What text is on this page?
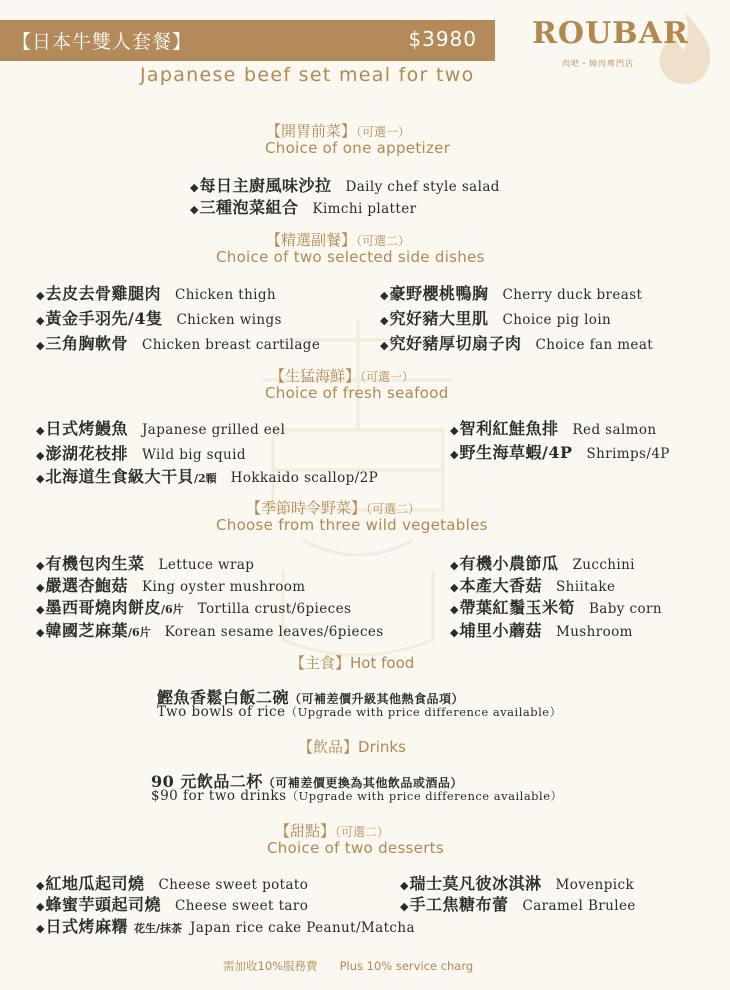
【日本牛雙人套餐】	$3980
Japanese beef set meal for two
ROUBAR
肉吧・燒肉專門店
【開胃前菜】（可選一）
Choice of one appetizer
◆每日主廚風味沙拉 Daily chef style salad
◆三種泡菜組合 Kimchi platter
【精選副餐】（可選二）
Choice of two selected side dishes
◆去皮去骨雞腿肉 Chicken thigh
◆黃金手羽先/4隻 Chicken wings
◆三角胸軟骨 Chicken breast cartilage
◆豪野櫻桃鴨胸 Cherry duck breast
◆究好豬大里肌 Choice pig loin
◆究好豬厚切扇子肉 Choice fan meat
【生猛海鮮】（可選一）
Choice of fresh seafood
◆日式烤鰻魚 Japanese grilled eel
◆澎湖花枝排 Wild big squid
◆北海道生食級大干貝/2顆 Hokkaido scallop/2P
◆智利紅鮭魚排 Red salmon
◆野生海草蝦/4P Shrimps/4P
【季節時令野菜】（可選二）
Choose from three wild vegetables
◆有機包肉生菜 Lettuce wrap
◆嚴選杏鮑菇 King oyster mushroom
◆墨西哥燒肉餅皮/6片 Tortilla crust/6pieces
◆韓國芝麻葉/6片 Korean sesame leaves/6pieces
◆有機小農節瓜 Zucchini
◆本產大香菇 Shiitake
◆帶葉紅鬚玉米筍 Baby corn
◆埔里小蘑菇 Mushroom
【主食】Hot food
鰹魚香鬆白飯二碗（可補差價升級其他熱食品項）
Two bowls of rice（Upgrade with price difference available）
【飲品】Drinks
90 元飲品二杯（可補差價更換為其他飲品或酒品）
$90 for two drinks（Upgrade with price difference available）
【甜點】（可選二）
Choice of two desserts
◆紅地瓜起司燒 Cheese sweet potato
◆蜂蜜芋頭起司燒 Cheese sweet taro
◆日式烤麻糬 花生/抹茶 Japan rice cake Peanut/Matcha
◆瑞士莫凡彼冰淇淋 Movenpick
◆手工焦糖布蕾 Caramel Brulee
需加收10%服務費 Plus 10% service charg
